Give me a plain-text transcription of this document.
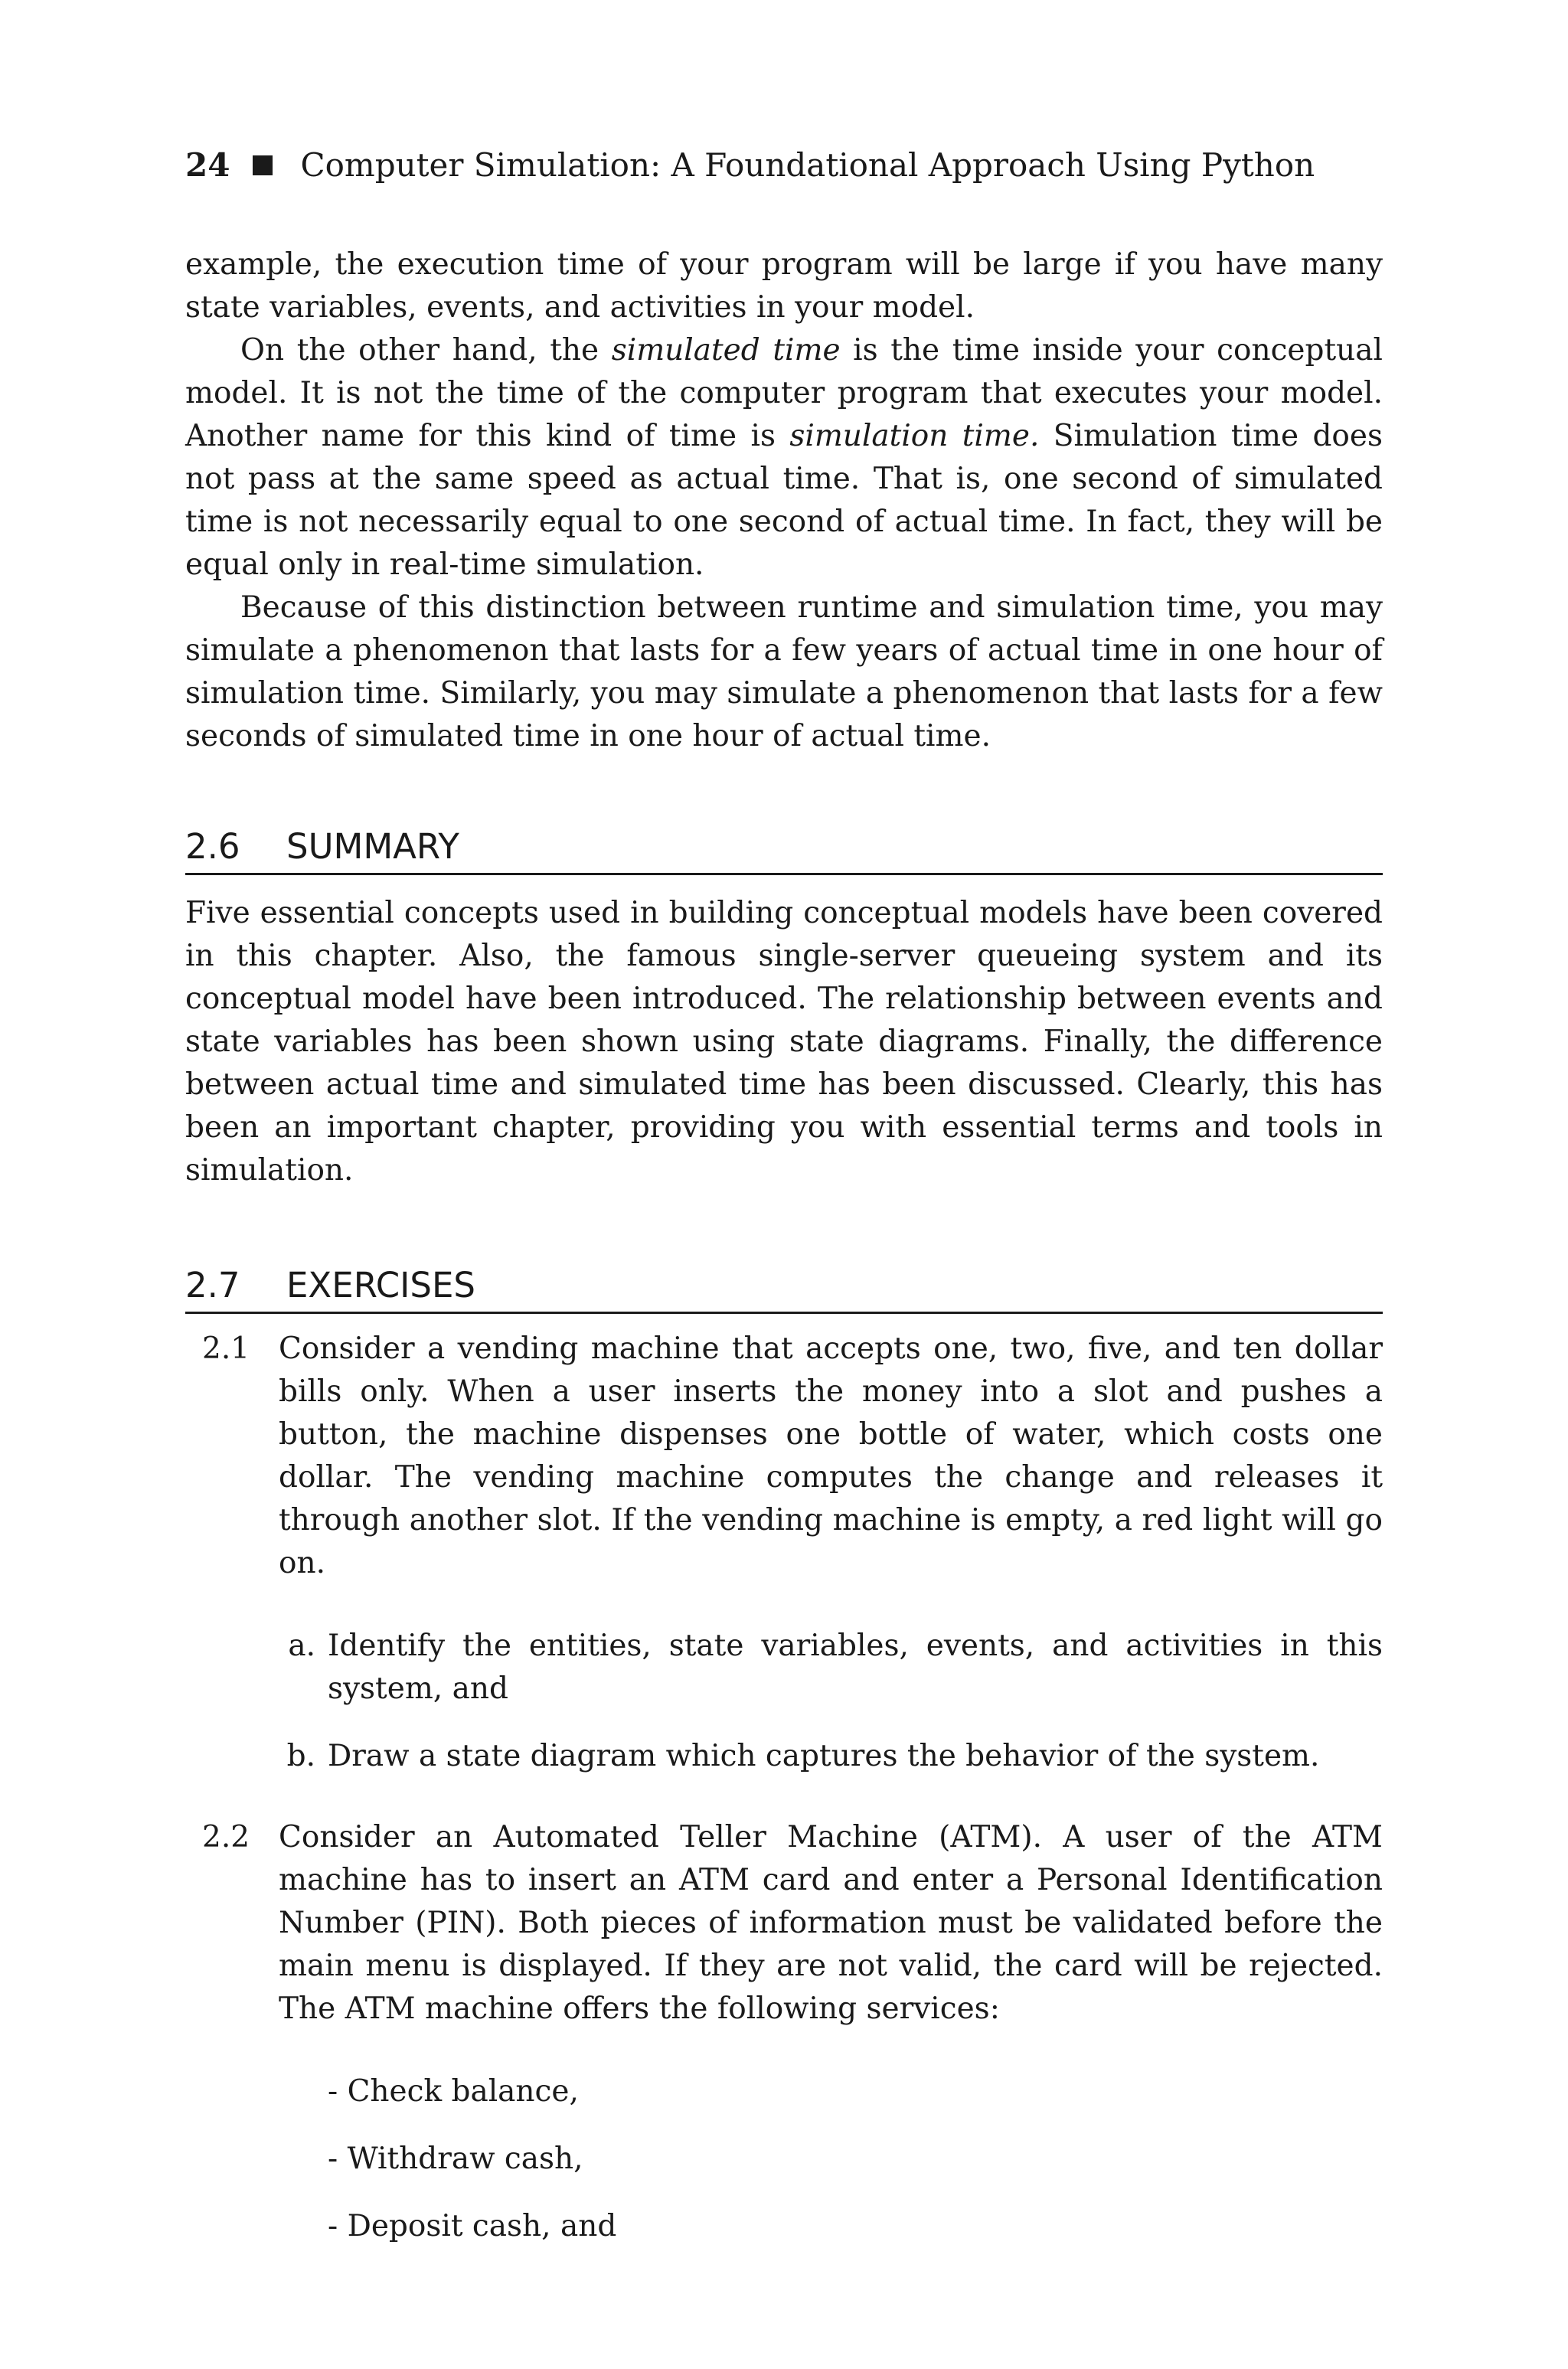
24 Computer Simulation: A Foundational Approach Using Python

example, the execution time of your program will be large if you have many state variables, events, and activities in your model.

On the other hand, the simulated time is the time inside your conceptual model. It is not the time of the computer program that executes your model. Another name for this kind of time is simulation time. Simulation time does not pass at the same speed as actual time. That is, one second of simulated time is not necessarily equal to one second of actual time. In fact, they will be equal only in real-time simulation.

Because of this distinction between runtime and simulation time, you may simulate a phenomenon that lasts for a few years of actual time in one hour of simulation time. Similarly, you may simulate a phenomenon that lasts for a few seconds of simulated time in one hour of actual time.

2.6 SUMMARY

Five essential concepts used in building conceptual models have been covered in this chapter. Also, the famous single-server queueing system and its conceptual model have been introduced. The relationship between events and state variables has been shown using state diagrams. Finally, the difference between actual time and simulated time has been discussed. Clearly, this has been an important chapter, providing you with essential terms and tools in simulation.

2.7 EXERCISES
2.1 Consider a vending machine that accepts one, two, five, and ten dollar bills only. When a user inserts the money into a slot and pushes a button, the machine dispenses one bottle of water, which costs one dollar. The vending machine computes the change and releases it through another slot. If the vending machine is empty, a red light will go on.

a. Identify the entities, state variables, events, and activities in this system, and

b. Draw a state diagram which captures the behavior of the system.

2.2 Consider an Automated Teller Machine (ATM). A user of the ATM machine has to insert an ATM card and enter a Personal Identification Number (PIN). Both pieces of information must be validated before the main menu is displayed. If they are not valid, the card will be rejected. The ATM machine offers the following services:

- Check balance,
- Withdraw cash,
- Deposit cash, and
